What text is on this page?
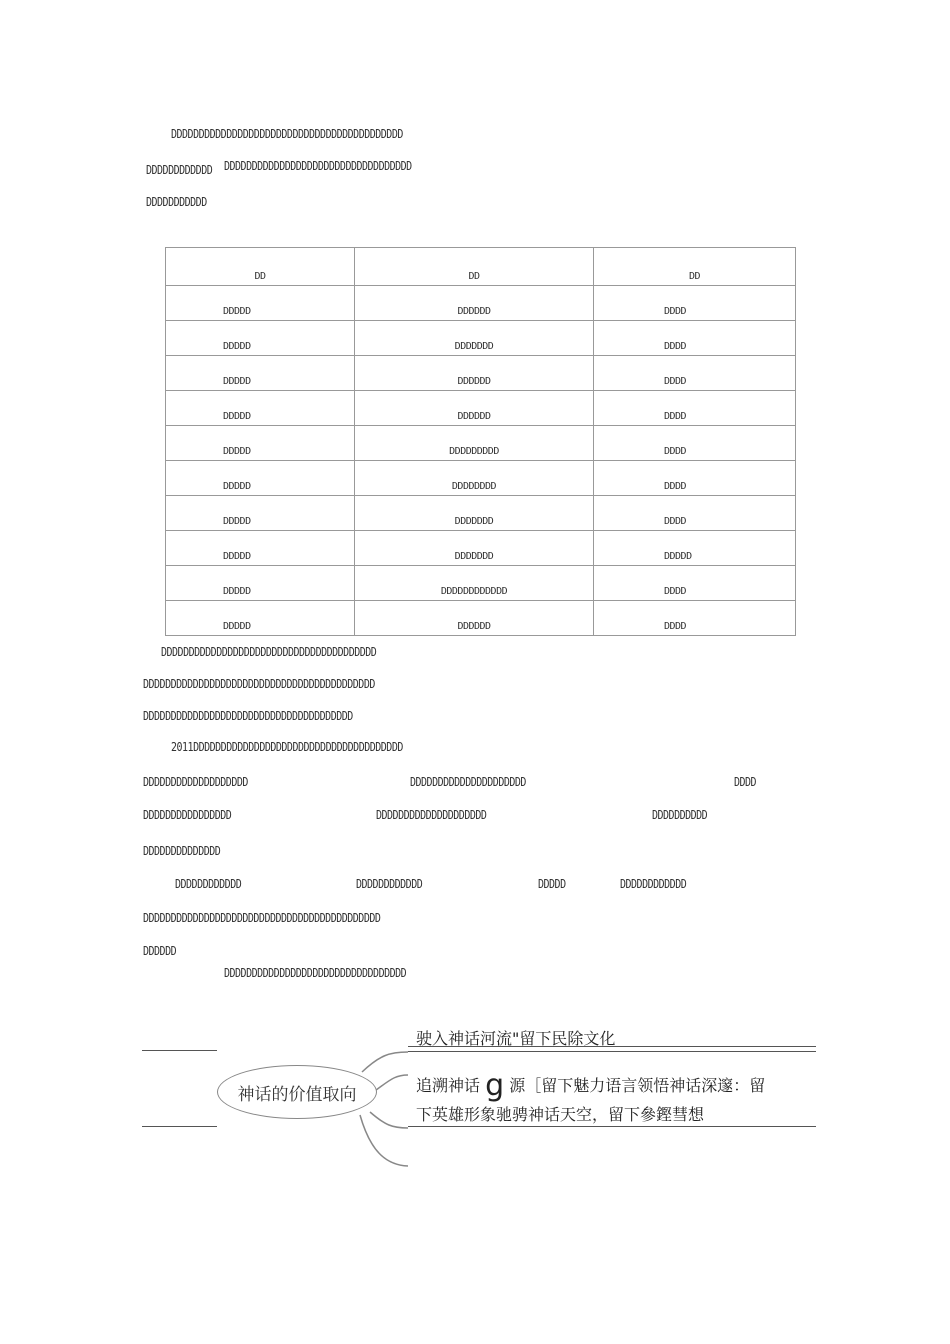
DDDDDDDDDDDDDDDDDDDDDDDDDDDDDDDDDDDDDDDDDD
DDDDDDDDDDDD DDDDDDDDDDDDDDDDDDDDDDDDDDDDDDDDDD
DDDDDDDDDDD
DD	DD	DD
DDDDD	DDDDDD	DDDD
DDDDD	DDDDDDD	DDDD
DDDDD	DDDDDD	DDDD
DDDDD	DDDDDD	DDDD
DDDDD	DDDDDDDDD	DDDD
DDDDD	DDDDDDDD	DDDD
DDDDD	DDDDDDD	DDDD
DDDDD	DDDDDDD	DDDDD
DDDDD	DDDDDDDDDDDD	DDDD
DDDDD	DDDDDD	DDDD
DDDDDDDDDDDDDDDDDDDDDDDDDDDDDDDDDDDDDDD
DDDDDDDDDDDDDDDDDDDDDDDDDDDDDDDDDDDDDDDDDD
DDDDDDDDDDDDDDDDDDDDDDDDDDDDDDDDDDDDDD
2011DDDDDDDDDDDDDDDDDDDDDDDDDDDDDDDDDDDDDD
DDDDDDDDDDDDDDDDDDD	DDDDDDDDDDDDDDDDDDDDD	DDDD
DDDDDDDDDDDDDDDD	DDDDDDDDDDDDDDDDDDDD	DDDDDDDDDD
DDDDDDDDDDDDDD
DDDDDDDDDDDD	DDDDDDDDDDDD	DDDDD	DDDDDDDDDDDD
DDDDDDDDDDDDDDDDDDDDDDDDDDDDDDDDDDDDDDDDDDD
DDDDDD
DDDDDDDDDDDDDDDDDDDDDDDDDDDDDDDDD
神话的价值取向
驶入神话河流"留下民除文化
追溯神话 g 源［留下魅力语言领悟神话深邃：留
下英雄形象驰骋神话天空，留下參鏗彗想
